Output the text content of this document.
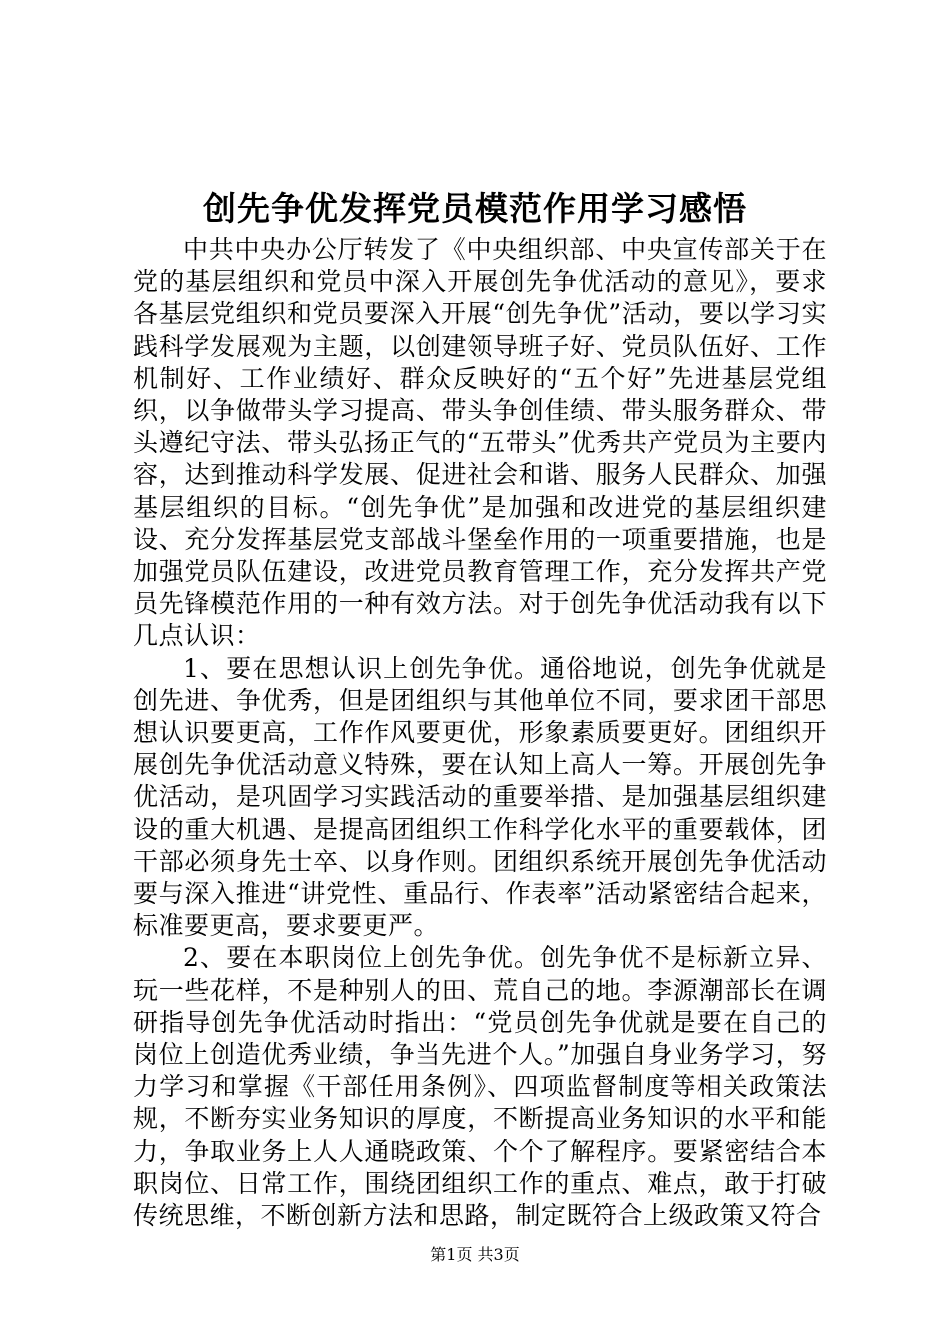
创先争优发挥党员模范作用学习感悟

中共中央办公厅转发了《中央组织部、中央宣传部关于在党的基层组织和党员中深入开展创先争优活动的意见》，要求各基层党组织和党员要深入开展“创先争优”活动，要以学习实践科学发展观为主题，以创建领导班子好、党员队伍好、工作机制好、工作业绩好、群众反映好的“五个好”先进基层党组织，以争做带头学习提高、带头争创佳绩、带头服务群众、带头遵纪守法、带头弘扬正气的“五带头”优秀共产党员为主要内容，达到推动科学发展、促进社会和谐、服务人民群众、加强基层组织的目标。“创先争优”是加强和改进党的基层组织建设、充分发挥基层党支部战斗堡垒作用的一项重要措施，也是加强党员队伍建设，改进党员教育管理工作，充分发挥共产党员先锋模范作用的一种有效方法。对于创先争优活动我有以下几点认识：

1、要在思想认识上创先争优。通俗地说，创先争优就是创先进、争优秀，但是团组织与其他单位不同，要求团干部思想认识要更高，工作作风要更优，形象素质要更好。团组织开展创先争优活动意义特殊，要在认知上高人一筹。开展创先争优活动，是巩固学习实践活动的重要举措、是加强基层组织建设的重大机遇、是提高团组织工作科学化水平的重要载体，团干部必须身先士卒、以身作则。团组织系统开展创先争优活动要与深入推进“讲党性、重品行、作表率”活动紧密结合起来，标准要更高，要求要更严。

2、要在本职岗位上创先争优。创先争优不是标新立异、玩一些花样，不是种别人的田、荒自己的地。李源潮部长在调研指导创先争优活动时指出：“党员创先争优就是要在自己的岗位上创造优秀业绩，争当先进个人。”加强自身业务学习，努力学习和掌握《干部任用条例》、四项监督制度等相关政策法规，不断夯实业务知识的厚度，不断提高业务知识的水平和能力，争取业务上人人通晓政策、个个了解程序。要紧密结合本职岗位、日常工作，围绕团组织工作的重点、难点，敢于打破传统思维，不断创新方法和思路，制定既符合上级政策又符合

第1页 共3页
